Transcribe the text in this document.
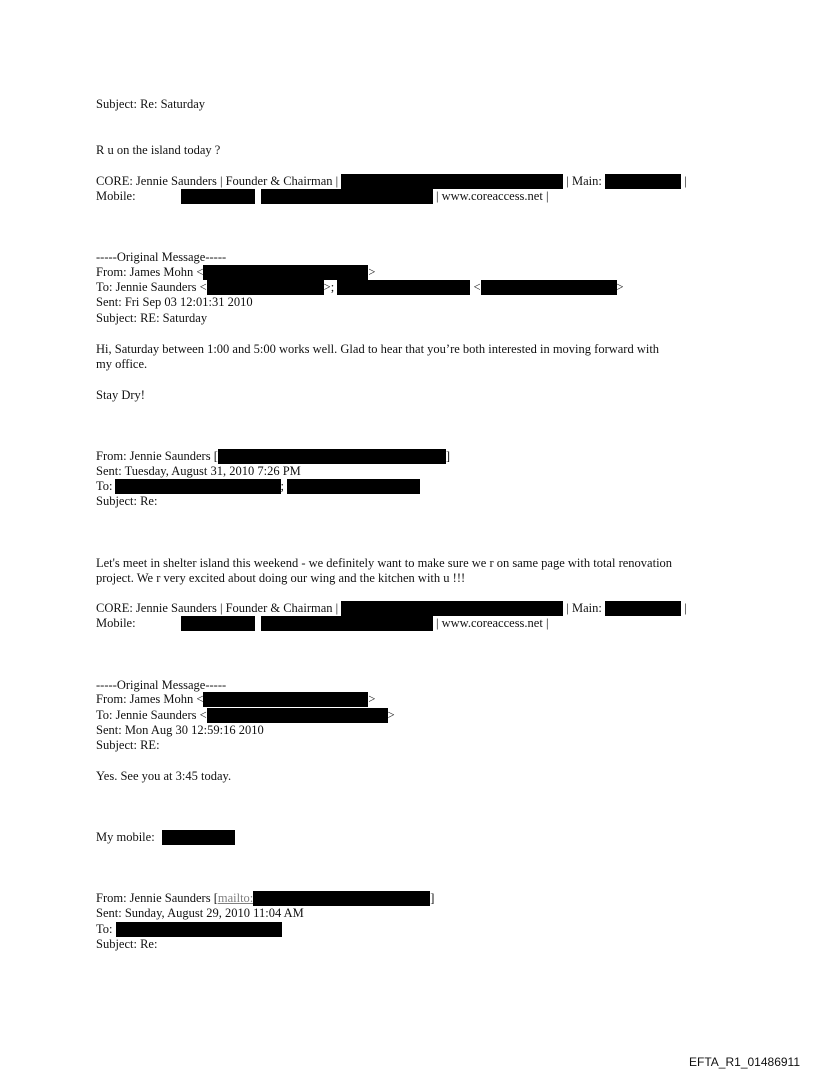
Subject: Re: Saturday
R u on the island today ?
CORE: Jennie Saunders | Founder & Chairman |	| Main:	|
Mobile:	| www.coreaccess.net |
-----Original Message-----
From: James Mohn <	>
To: Jennie Saunders <	>;	<	>
Sent: Fri Sep 03 12:01:31 2010
Subject: RE: Saturday
Hi, Saturday between 1:00 and 5:00 works well. Glad to hear that you’re both interested in moving forward with
my office.
Stay Dry!
From: Jennie Saunders [	]
Sent: Tuesday, August 31, 2010 7:26 PM
To:	;
Subject: Re:
Let's meet in shelter island this weekend - we definitely want to make sure we r on same page with total renovation
project. We r very excited about doing our wing and the kitchen with u !!!
CORE: Jennie Saunders | Founder & Chairman |	| Main:	|
Mobile:	| www.coreaccess.net |
-----Original Message-----
From: James Mohn <	>
To: Jennie Saunders <	>
Sent: Mon Aug 30 12:59:16 2010
Subject: RE:
Yes. See you at 3:45 today.
My mobile:
From: Jennie Saunders [mailto:	]
Sent: Sunday, August 29, 2010 11:04 AM
To:
Subject: Re:
EFTA_R1_01486911
